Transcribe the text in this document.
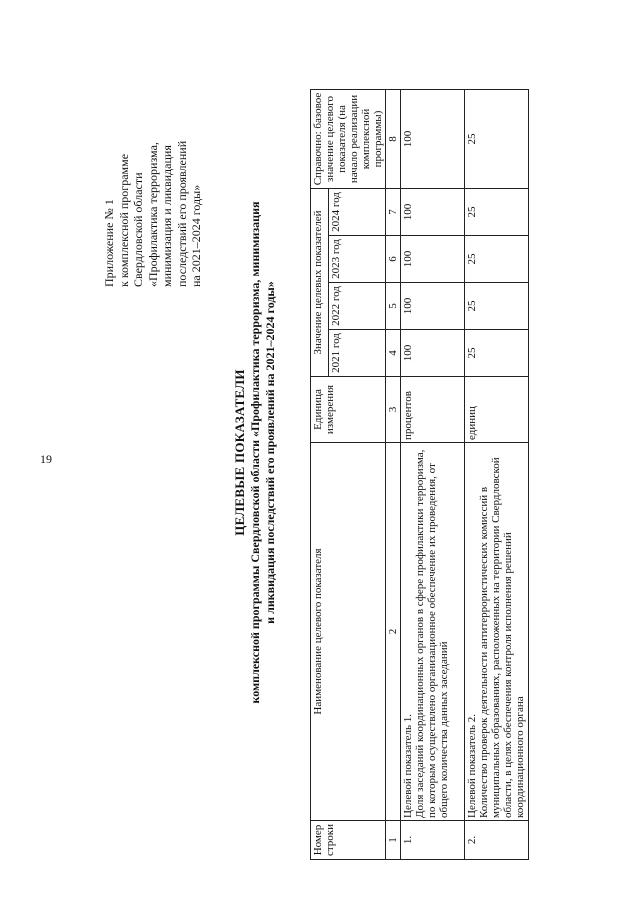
19
Приложение № 1 к комплексной программе Свердловской области «Профилактика терроризма, минимизация и ликвидация последствий его проявлений на 2021–2024 годы»
ЦЕЛЕВЫЕ ПОКАЗАТЕЛИ комплексной программы Свердловской области «Профилактика терроризма, минимизация и ликвидация последствий его проявлений на 2021–2024 годы»
Номер строки	Наименование целевого показателя	Единица измерения	Значение целевых показателей				Справочно: базовое значение целевого показателя (на начало реализации комплексной программы)
			2021 год	2022 год	2023 год	2024 год	
1	2	3	4	5	6	7	8
1.	Целевой показатель 1. Доля заседаний координационных органов в сфере профилактики терроризма, по которым осуществлено организационное обеспечение их проведения, от общего количества данных заседаний	процентов	100	100	100	100	100
2.	Целевой показатель 2. Количество проверок деятельности антитеррористических комиссий в муниципальных образованиях, расположенных на территории Свердловской области, в целях обеспечения контроля исполнения решений координационного органа	единиц	25	25	25	25	25
